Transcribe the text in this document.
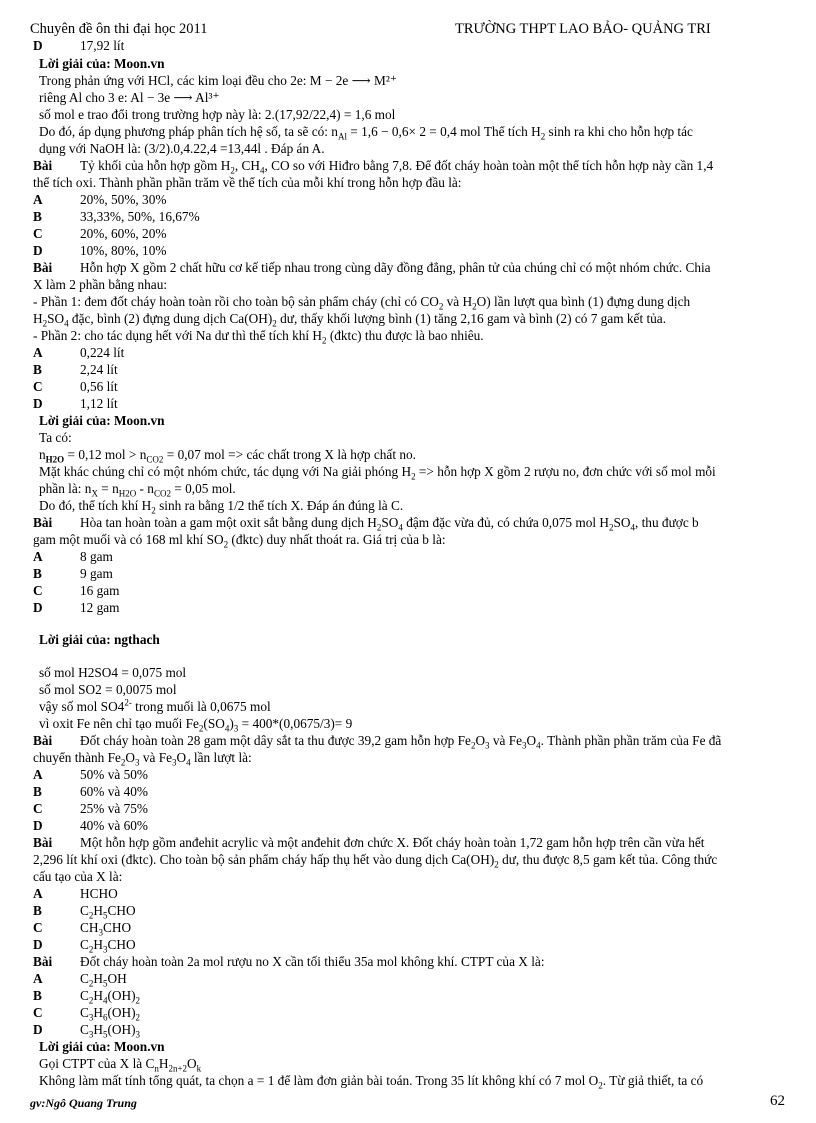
Chuyên đề ôn thi đại học 2011	TRƯỜNG THPT LAO BẢO- QUẢNG TRI
D	17,92 lít
Lời giải của: Moon.vn
Trong phản ứng với HCl, các kim loại đều cho 2e: M − 2e ⟶ M²⁺
riêng Al cho 3 e: Al − 3e ⟶ Al³⁺
số mol e trao đổi trong trường hợp này là: 2.(17,92/22,4) = 1,6 mol
Do đó, áp dụng phương pháp phân tích hệ số, ta sẽ có: $n_{Al} = 1,6 - 0,6\times 2 = 0,4$ mol Thể tích $H_2$ sinh ra khi cho hỗn hợp tác
dụng với NaOH là: (3/2).0,4.22,4 =13,44l . Đáp án A.
Bài Tỷ khối của hỗn hợp gồm $H_2$, $CH_4$, CO so với Hiđro bằng 7,8. Để đốt cháy hoàn toàn một thể tích hỗn hợp này cần 1,4
thể tích oxi. Thành phần phần trăm về thể tích của mỗi khí trong hỗn hợp đầu là:
A	20%, 50%, 30%
B	33,33%, 50%, 16,67%
C	20%, 60%, 20%
D	10%, 80%, 10%
Bài Hỗn hợp X gồm 2 chất hữu cơ kế tiếp nhau trong cùng dãy đồng đẳng, phân tử của chúng chỉ có một nhóm chức. Chia
X làm 2 phần bằng nhau:
- Phần 1: đem đốt cháy hoàn toàn rồi cho toàn bộ sản phẩm cháy (chỉ có $CO_2$ và $H_2O$) lần lượt qua bình (1) đựng dung dịch
$H_2SO_4$ đặc, bình (2) đựng dung dịch $Ca(OH)_2$ dư, thấy khối lượng bình (1) tăng 2,16 gam và bình (2) có 7 gam kết tủa.
- Phần 2: cho tác dụng hết với Na dư thì thể tích khí $H_2$ (đktc) thu được là bao nhiêu.
A	0,224 lít
B	2,24 lít
C	0,56 lít
D	1,12 lít
Lời giải của: Moon.vn
Ta có:
$n_{H2O} = 0,12$ mol > $n_{CO2} = 0,07$ mol => các chất trong X là hợp chất no.
Mặt khác chúng chỉ có một nhóm chức, tác dụng với Na giải phóng $H_2$ => hỗn hợp X gồm 2 rượu no, đơn chức với số mol mỗi
phần là: $n_X = n_{H2O} - n_{CO2} = 0,05$ mol.
Do đó, thể tích khí $H_2$ sinh ra bằng 1/2 thể tích X. Đáp án đúng là C.
Bài Hòa tan hoàn toàn a gam một oxit sắt bằng dung dịch $H_2SO_4$ đậm đặc vừa đủ, có chứa 0,075 mol $H_2SO_4$, thu được b
gam một muối và có 168 ml khí $SO_2$ (đktc) duy nhất thoát ra. Giá trị của b là:
A	8 gam
B	9 gam
C	16 gam
D	12 gam
Lời giải của: ngthach
số mol H2SO4 = 0,075 mol
số mol SO2 = 0,0075 mol
vậy số mol $SO4^{2-}$ trong muối là 0,0675 mol
vì oxit Fe nên chỉ tạo muối $Fe_2(SO_4)_3 = 400*(0,0675/3)= 9$
Bài Đốt cháy hoàn toàn 28 gam một dây sắt ta thu được 39,2 gam hỗn hợp $Fe_2O_3$ và $Fe_3O_4$. Thành phần phần trăm của Fe đã
chuyển thành $Fe_2O_3$ và $Fe_3O_4$ lần lượt là:
A	50% và 50%
B	60% và 40%
C	25% và 75%
D	40% và 60%
Bài Một hỗn hợp gồm anđehit acrylic và một anđehit đơn chức X. Đốt cháy hoàn toàn 1,72 gam hỗn hợp trên cần vừa hết
2,296 lít khí oxi (đktc). Cho toàn bộ sản phẩm cháy hấp thụ hết vào dung dịch $Ca(OH)_2$ dư, thu được 8,5 gam kết tủa. Công thức
cấu tạo của X là:
A	HCHO
B	$C_2H_5CHO$
C	$CH_3CHO$
D	$C_2H_3CHO$
Bài Đốt cháy hoàn toàn 2a mol rượu no X cần tối thiểu 35a mol không khí. CTPT của X là:
A	$C_2H_5OH$
B	$C_2H_4(OH)_2$
C	$C_3H_6(OH)_2$
D	$C_3H_5(OH)_3$
Lời giải của: Moon.vn
Gọi CTPT của X là $C_nH_{2n+2}O_k$
Không làm mất tính tổng quát, ta chọn a = 1 để làm đơn giản bài toán. Trong 35 lít không khí có 7 mol $O_2$. Từ giả thiết, ta có
gv:Ngô Quang Trung	62
